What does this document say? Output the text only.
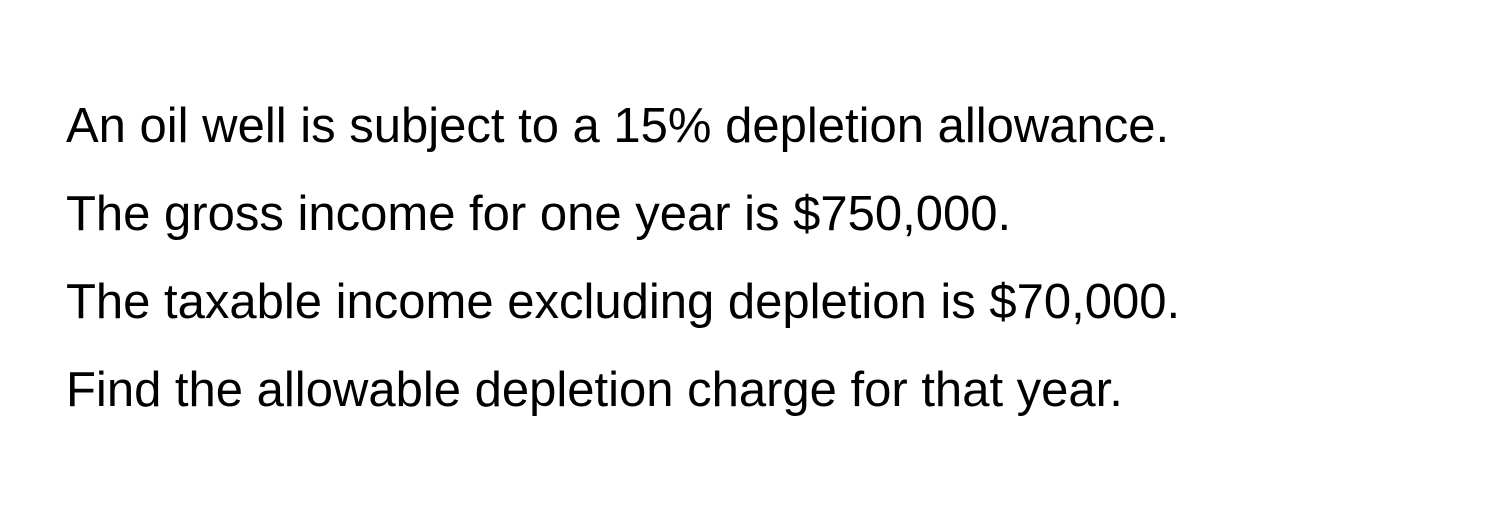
An oil well is subject to a 15% depletion allowance.
The gross income for one year is $750,000.
The taxable income excluding depletion is $70,000.
Find the allowable depletion charge for that year.
